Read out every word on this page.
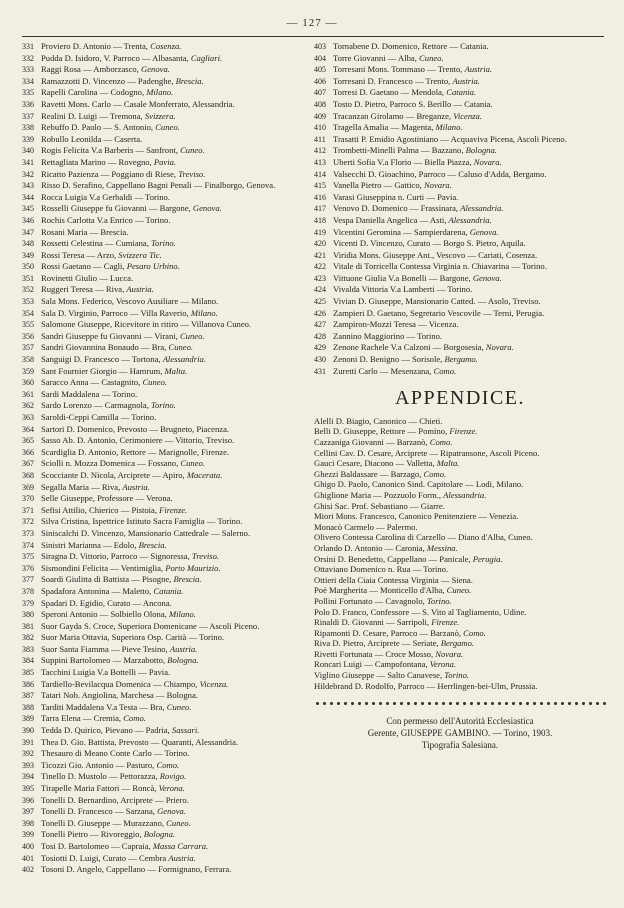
— 127 —
331 Proviero D. Antonio — Trenta, Cosenza.
332 Pudda D. Isidoro, V. Parroco — Albasanta, Cagliari.
333 Raggi Rosa — Amborzasco, Genova.
334 Ramazzotti D. Vincenzo — Padenghe, Brescia.
335 Rapelli Carolina — Codogno, Milano.
336 Ravetti Mons. Carlo — Casale Monferrato, Alessandria.
337 Realini D. Luigi — Tremona, Svizzera.
338 Rebuffo D. Paolo — S. Antonio, Cuneo.
339 Robullo Leonilda — Caserta.
340 Rogis Felicita V.a Barberis — Sanfront, Cuneo.
341 Rettagliata Marino — Rovegno, Pavia.
342 Ricatto Pazienza — Poggiano di Riese, Treviso.
343 Risso D. Serafino, Cappellano Bagni Penali — Finalborgo, Genova.
344 Rocca Luigia V.a Gerbaldi — Torino.
345 Rosselli Giuseppe fu Giovanni — Bargone, Genova.
346 Rochis Carlotta V.a Enrico — Torino.
347 Rosani Maria — Brescia.
348 Rossetti Celestina — Cumiana, Torino.
349 Rossi Teresa — Arzo, Svizzera Tic.
350 Rossi Gaetano — Cagli, Pesaro Urbino.
351 Rovinetti Giulio — Lucca.
352 Ruggeri Teresa — Riva, Austria.
353 Sala Mons. Federico, Vescovo Ausiliare — Milano.
354 Sala D. Virginio, Parroco — Villa Raverio, Milano.
355 Salomone Giuseppe, Ricevitore in ritiro — Villanova Cuneo.
356 Sandri Giuseppe fu Giovanni — Virani, Cuneo.
357 Sandri Giovannina Bonaudo — Bra, Cuneo.
358 Sanguigi D. Francesco — Tortona, Alessandria.
359 Sant Fournier Giorgio — Hamrum, Malta.
360 Saracco Anna — Castagnito, Cuneo.
361 Sardi Maddalena — Torino.
362 Sardo Lorenzo — Carmagnola, Torino.
363 Saroldi-Ceppi Camilla — Torino.
364 Sartori D. Domenico, Prevosto — Brugneto, Piacenza.
365 Sasso Ab. D. Antonio, Cerimoniere — Vittorio, Treviso.
366 Scardiglia D. Antonio, Rettore — Marignolle, Firenze.
367 Sciolli n. Mozza Domenica — Fossano, Cuneo.
368 Scocciante D. Nicola, Arciprete — Apiro, Macerata.
369 Segalla Maria — Riva, Austria.
370 Selle Giuseppe, Professore — Verona.
371 Sefisi Attilio, Chierico — Pistoia, Firenze.
372 Silva Cristina, Ispettrice Istituto Sacra Famiglia — Torino.
373 Siniscalchi D. Vincenzo, Mansionario Cattedrale — Salerno.
374 Sinistri Marianna — Edolo, Brescia.
375 Siragna D. Vittorio, Parroco — Signoressa, Treviso.
376 Sismondini Felicita — Ventimiglia, Porto Maurizio.
377 Soardi Giulitta di Battista — Pisogne, Brescia.
378 Spadafora Antonina — Maletto, Catania.
379 Spadari D. Egidio, Curato — Ancona.
380 Speroni Antonio — Solbiello Olona, Milano.
381 Suor Gayda S. Croce, Superiora Domenicane — Ascoli Piceno.
382 Suor Maria Ottavia, Superiora Osp. Carità — Torino.
383 Suor Santa Fiamma — Pieve Tesino, Austria.
384 Suppini Bartolomeo — Marzabotto, Bologna.
385 Tacchini Luigia V.a Bottelli — Pavia.
386 Tardiello-Bevilacqua Domenica — Chiampo, Vicenza.
387 Tatari Nob. Angiolina, Marchesa — Bologna.
388 Tarditi Maddalena V.a Testa — Bra, Cuneo.
389 Tarra Elena — Cremia, Como.
390 Tedda D. Quirico, Pievano — Padria, Sassari.
391 Thea D. Gio. Battista, Prevosto — Quaranti, Alessandria.
392 Thesauro di Meano Conte Carlo — Torino.
393 Ticozzi Gio. Antonio — Pasturo, Como.
394 Tinello D. Mustolo — Pettorazza, Rovigo.
395 Tirapelle Maria Fattori — Roncà, Verona.
396 Tonelli D. Bernardino, Arciprete — Priero.
397 Tonelli D. Francesco — Sarzana, Genova.
398 Tonelli D. Giuseppe — Murazzano, Cuneo.
399 Tonelli Pietro — Rivoreggio, Bologna.
400 Tosi D. Bartolomeo — Capraia, Massa Carrara.
401 Tosiotti D. Luigi, Curato — Cembra Austria.
402 Tosoni D. Angelo, Cappellano — Formignano, Ferrara.
403 Tornabene D. Domenico, Rettore — Catania.
404 Torre Giovanni — Alba, Cuneo.
405 Torresani Mons. Tommaso — Trento, Austria.
406 Torresani D. Francesco — Trento, Austria.
407 Torresi D. Gaetano — Mendola, Catania.
408 Tosto D. Pietro, Parroco S. Berillo — Catania.
409 Tracanzan Girolamo — Breganze, Vicenza.
410 Tragella Amalia — Magenta, Milano.
411 Trasatti P. Emidio Agostiniano — Acquaviva Picena, Ascoli Piceno.
412 Trombetti-Minelli Palma — Bazzano, Bologna.
413 Uberti Sofia V.a Florio — Biella Piazza, Novara.
414 Valsecchi D. Gioachino, Parroco — Caluso d'Adda, Bergamo.
415 Vanella Pietro — Gattico, Novara.
416 Varasi Giuseppina n. Curti — Pavia.
417 Venovo D. Domenico — Frassinara, Alessandria.
418 Vespa Daniella Angelica — Asti, Alessandria.
419 Vicentini Geromina — Sampierdarena, Genova.
420 Vicenti D. Vincenzo, Curato — Borgo S. Pietro, Aquila.
421 Viridia Mons. Giuseppe Ant., Vescovo — Cariati, Cosenza.
422 Vitale di Torricella Contessa Virginia n. Chiavarina — Torino.
423 Vittuone Giulia V.a Bonelli — Bargone, Genova.
424 Vivalda Vittoria V.a Lamberti — Torino.
425 Vivian D. Giuseppe, Mansionario Catted. — Asolo, Treviso.
426 Zampieri D. Gaetano, Segretario Vescovile — Terni, Perugia.
427 Zampiron-Mozzi Teresa — Vicenza.
428 Zannino Maggiorino — Torino.
429 Zenone Rachele V.a Calzoni — Borgosesia, Novara.
430 Zenoni D. Benigno — Sorisole, Bergamo.
431 Zuretti Carlo — Mesenzana, Como.
APPENDICE.
Alelli D. Biagio, Canonico — Chieti.
Belli D. Giuseppe, Rettore — Pomino, Firenze.
Cazzaniga Giovanni — Barzanò, Como.
Cellini Cav. D. Cesare, Arciprete — Ripatransone, Ascoli Piceno.
Gauci Cesare, Diacono — Valletta, Malta.
Ghezzi Baldassare — Barzago, Como.
Ghigo D. Paolo, Canonico Sind. Capitolare — Lodi, Milano.
Ghiglione Maria — Pozzuolo Form., Alessandria.
Ghisi Sac. Prof. Sebastiano — Giarre.
Miori Mons. Francesco, Canonico Penitenziere — Venezia.
Monacò Carmelo — Palermo.
Olivero Contessa Carolina di Carzello — Diano d'Alba, Cuneo.
Orlando D. Antonio — Caronia, Messina.
Orsini D. Benedetto, Cappellano — Panicale, Perugia.
Ottaviano Domenico n. Rua — Torino.
Ottieri della Ciaia Contessa Virginia — Siena.
Poè Margherita — Monticello d'Alba, Cuneo.
Pollini Fortunato — Cavagnolo, Torino.
Polo D. Franco, Confessore — S. Vito al Tagliamento, Udine.
Rinaldi D. Giovanni — Sarripoli, Firenze.
Ripamonti D. Cesare, Parroco — Barzanò, Como.
Riva D. Pietro, Arciprete — Seriate, Bergamo.
Rivetti Fortunata — Croce Mosso, Novara.
Roncari Luigi — Campofontana, Verona.
Viglino Giuseppe — Salto Canavese, Torino.
Hildebrand D. Rodolfo, Parroco — Herrlingen-bei-Ulm, Prussia.
Con permesso dell'Autorità Ecclesiastica
Gerente, GIUSEPPE GAMBINO. — Torino, 1903.
Tipografia Salesiana.
